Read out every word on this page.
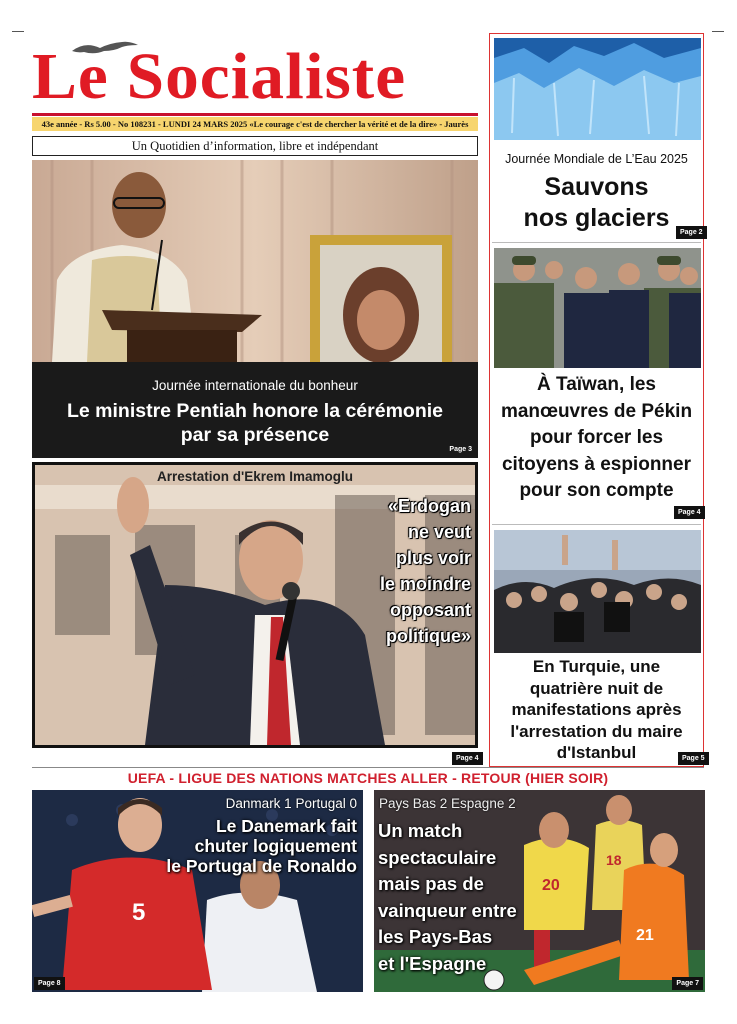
Le Socialiste
43e année - Rs 5.00 - No 108231 - LUNDI 24 MARS 2025 «Le courage c'est de chercher la vérité et de la dire» - Jaurès
Un Quotidien d’information, libre et indépendant
Journée internationale du bonheur
Le ministre Pentiah honore la cérémonie
par sa présence
Page 3
Arrestation d'Ekrem Imamoglu
«Erdogan
ne veut
plus voir
le moindre
opposant
politique»
Page 4
Journée Mondiale de L’Eau 2025
Sauvons
nos glaciers
Page 2
À Taïwan, les
manœuvres de Pékin
pour forcer les
citoyens à espionner
pour son compte
Page 4
En Turquie, une
quatrière nuit de
manifestations après
l'arrestation du maire
d'Istanbul	Page 5
UEFA - LIGUE DES NATIONS MATCHES ALLER - RETOUR (HIER SOIR)
5
Danmark 1 Portugal 0
Le Danemark fait
chuter logiquement
le Portugal de Ronaldo
Page 8
18
20
21
Pays Bas 2 Espagne 2
Un match
spectaculaire
mais pas de
vainqueur entre
les Pays-Bas
et l'Espagne
Page 7
